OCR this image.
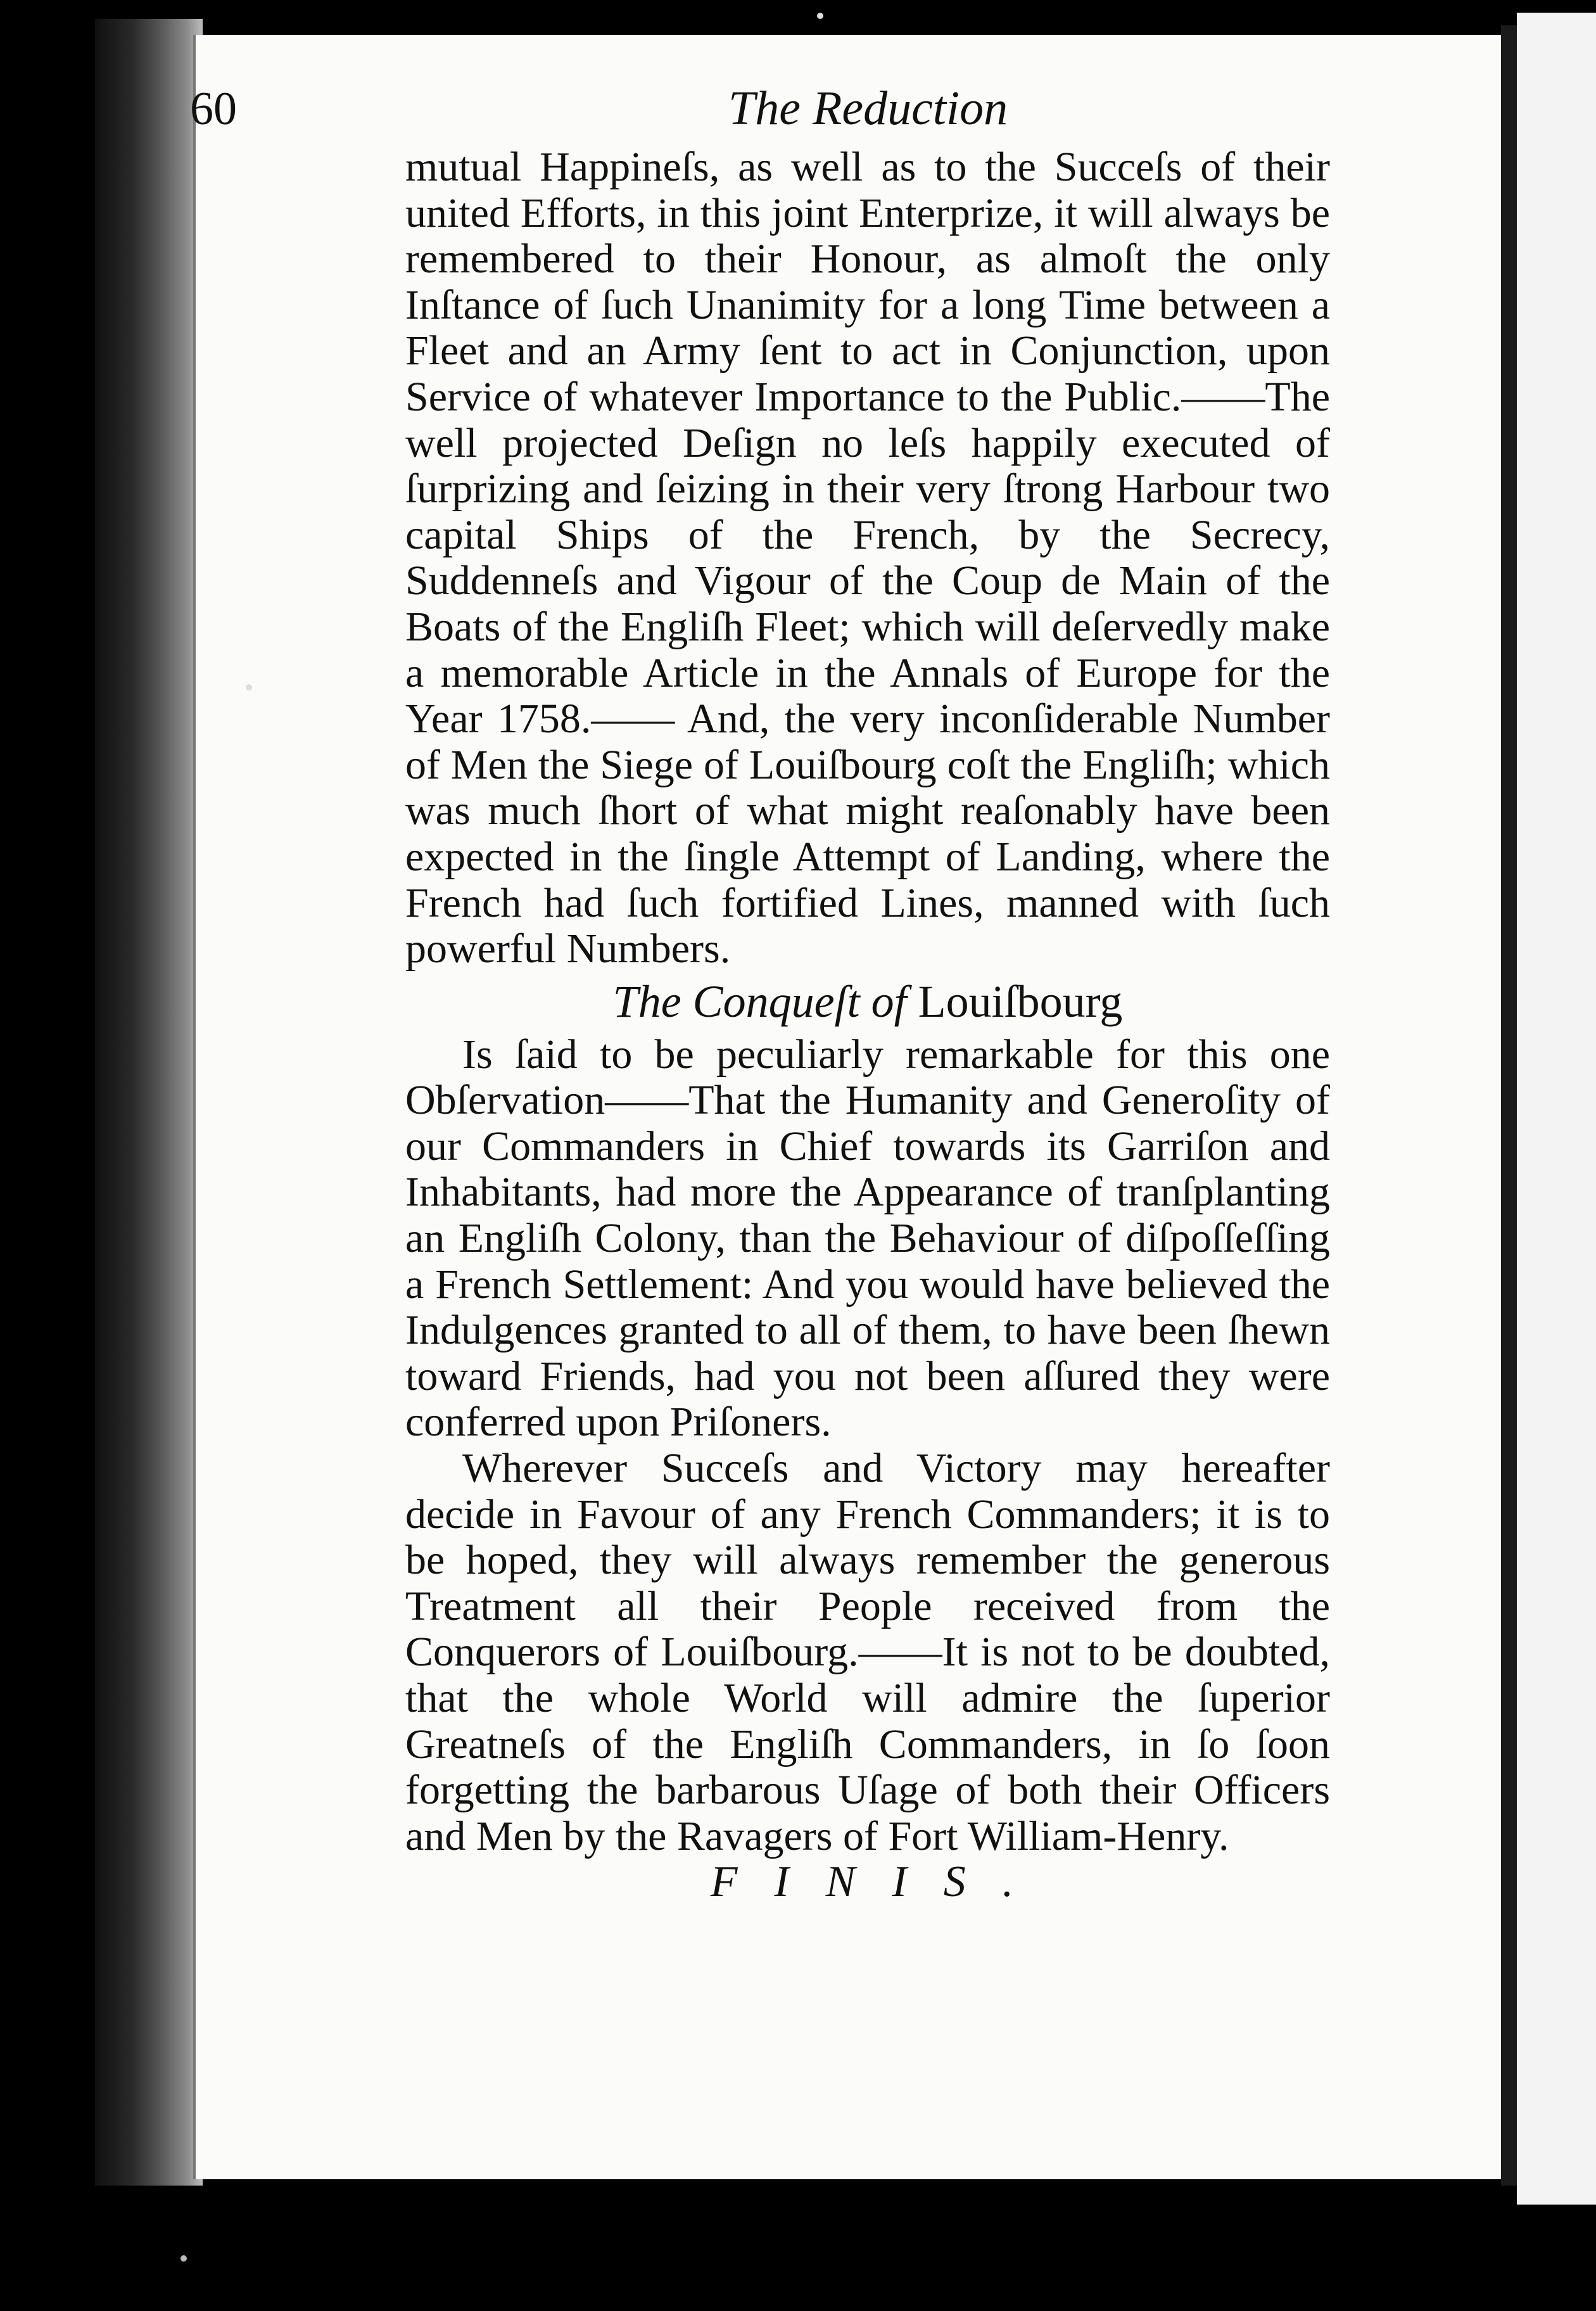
60	The Reduction

mutual Happineſs, as well as to the Succeſs of their united Efforts, in this joint Enterprize, it will always be remembered to their Honour, as almoſt the only Inſtance of ſuch Unanimity for a long Time between a Fleet and an Army ſent to act in Conjunction, upon Service of whatever Importance to the Public.——The well projected Deſign no leſs happily executed of ſurprizing and ſeizing in their very ſtrong Harbour two capital Ships of the French, by the Secrecy, Suddenneſs and Vigour of the Coup de Main of the Boats of the Engliſh Fleet; which will deſervedly make a memorable Article in the Annals of Europe for the Year 1758.—— And, the very inconſiderable Number of Men the Siege of Louiſbourg coſt the Engliſh; which was much ſhort of what might reaſonably have been expected in the ſingle Attempt of Landing, where the French had ſuch fortified Lines, manned with ſuch powerful Numbers.

The Conqueſt of Louiſbourg

Is ſaid to be peculiarly remarkable for this one Obſervation——That the Humanity and Generoſity of our Commanders in Chief towards its Garriſon and Inhabitants, had more the Appearance of tranſplanting an Engliſh Colony, than the Behaviour of diſpoſſeſſing a French Settlement: And you would have believed the Indulgences granted to all of them, to have been ſhewn toward Friends, had you not been aſſured they were conferred upon Priſoners.

Wherever Succeſs and Victory may hereafter decide in Favour of any French Commanders; it is to be hoped, they will always remember the generous Treatment all their People received from the Conquerors of Louiſbourg.——It is not to be doubted, that the whole World will admire the ſuperior Greatneſs of the Engliſh Commanders, in ſo ſoon forgetting the barbarous Uſage of both their Officers and Men by the Ravagers of Fort William-Henry.

FINIS.
